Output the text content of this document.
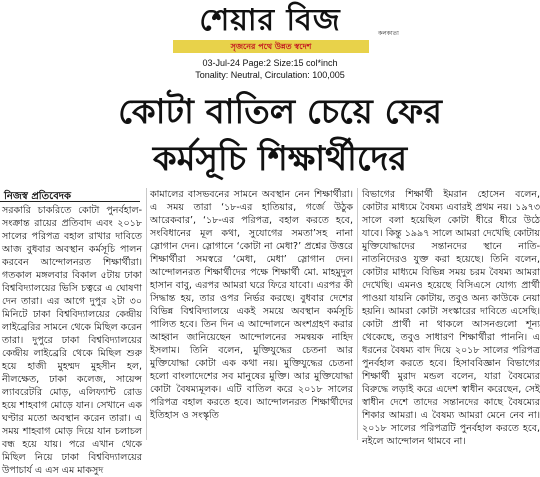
শেয়ার বিজ	কলকাতা
সৃজনের পথে উন্নত স্বদেশ
03-Jul-24 Page:2 Size:15 col*inch
Tonality: Neutral, Circulation: 100,005
কোটা বাতিল চেয়ে ফের
কর্মসূচি শিক্ষার্থীদের
নিজস্ব প্রতিবেদক

সরকারি চাকরিতে কোটা পুনর্বহাল-সংক্রান্ত রায়ের প্রতিবাদ এবং ২০১৮ সালের পরিপত্র বহাল রাখার দাবিতে আজ বুধবার অবস্থান কর্মসূচি পালন করবেন আন্দোলনরত শিক্ষার্থীরা। গতকাল মঙ্গলবার বিকাল ৫টায় ঢাকা বিশ্ববিদ্যালয়ের ভিসি চত্বরে এ ঘোষণা দেন তারা। এর আগে দুপুর ২টা ৩০ মিনিটে ঢাকা বিশ্ববিদ্যালয়ের কেন্দ্রীয় লাইব্রেরির সামনে থেকে মিছিল করেন তারা। দুপুরে ঢাকা বিশ্ববিদ্যালয়ের কেন্দ্রীয় লাইব্রেরি থেকে মিছিল শুরু হয়ে হাজী মুহম্মদ মুহসীন হল, নীলক্ষেত, ঢাকা কলেজ, সায়েন্স ল্যাবরেটরি মোড়, এলিফ্যান্ট রোড হয়ে শাহবাগ মোড়ে যান। সেখানে এক ঘণ্টার মতো অবস্থান করেন তারা। এ সময় শাহবাগ মোড় দিয়ে যান চলাচল বন্ধ হয়ে যায়। পরে এখান থেকে মিছিল নিয়ে ঢাকা বিশ্ববিদ্যালয়ের উপাচার্য এ এস এম মাকসুদ

কামালের বাসভবনের সামনে অবস্থান নেন শিক্ষার্থীরা। এ সময় তারা ‘১৮-এর হাতিয়ার, গর্জে উঠুক আরেকবার’, ‘১৮-এর পরিপত্র, বহাল করতে হবে, সংবিধানের মূল কথা, সুযোগের সমতা’সহ নানা স্লোগান দেন। স্লোগানে ‘কোটা না মেধা?’ প্রশ্নের উত্তরে শিক্ষার্থীরা সমস্বরে ‘মেধা, মেধা’ স্লোগান দেন। আন্দোলনরত শিক্ষার্থীদের পক্ষে শিক্ষার্থী মো. মাহমুদুল হাসান বাবু, এরপর আমরা ঘরে ফিরে যাবো। এরপর কী সিদ্ধান্ত হয়, তার ওপর নির্ভর করছে। বুধবার দেশের বিভিন্ন বিশ্ববিদ্যালয়ে একই সময়ে অবস্থান কর্মসূচি পালিত হবে। তিন দিন এ আন্দোলনে অংশগ্রহণ করার আহ্বান জানিয়েছেন আন্দোলনের সমন্বয়ক নাহিদ ইসলাম। তিনি বলেন, মুক্তিযুদ্ধের চেতনা আর মুক্তিযোদ্ধা কোটা এক কথা নয়। মুক্তিযুদ্ধের চেতনা হলো বাংলাদেশের সব মানুষের মুক্তি। আর মুক্তিযোদ্ধা কোটা বৈষম্যমূলক। এটি বাতিল করে ২০১৮ সালের পরিপত্র বহাল করতে হবে। আন্দোলনরত শিক্ষার্থীদের ইতিহাস ও সংস্কৃতি

বিভাগের শিক্ষার্থী ইমরান হোসেন বলেন, কোটার মাধ্যমে বৈষম্য এবারই প্রথম নয়। ১৯৭৩ সালে বলা হয়েছিল কোটা ধীরে ধীরে উঠে যাবে। কিন্তু ১৯৯৭ সালে আমরা দেখেছি কোটায় মুক্তিযোদ্ধাদের সন্তানদের স্থানে নাতি-নাতনিদেরও যুক্ত করা হয়েছে। তিনি বলেন, কোটার মাধ্যমে বিভিন্ন সময় চরম বৈষম্য আমরা দেখেছি। এমনও হয়েছে বিসিএসে যোগ্য প্রার্থী পাওয়া যায়নি কোটায়, তবুও অন্য কাউকে নেয়া হয়নি। আমরা কোটা সংস্কারের দাবিতে এসেছি। কোটা প্রার্থী না থাকলে আসনগুলো শূন্য থেকেছে, তবুও সাধারণ শিক্ষার্থীরা পাননি। এ ধরনের বৈষম্য বাদ দিয়ে ২০১৮ সালের পরিপত্র পুনর্বহাল করতে হবে। হিসাববিজ্ঞান বিভাগের শিক্ষার্থী মুরাদ মন্ডল বলেন, যারা বৈষম্যের বিরুদ্ধে লড়াই করে এদেশ স্বাধীন করেছেন, সেই স্বাধীন দেশে তাদের সন্তানদের কাছে বৈষম্যের শিকার আমরা। এ বৈষম্য আমরা মেনে নেব না। ২০১৮ সালের পরিপত্রটি পুনর্বহাল করতে হবে, নইলে আন্দোলন থামবে না।
